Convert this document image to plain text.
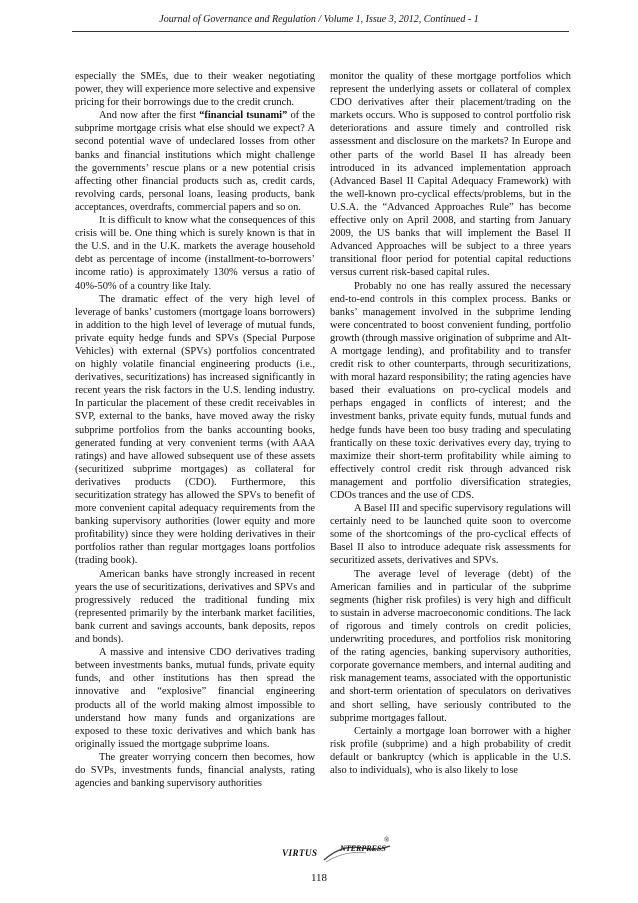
Journal of Governance and Regulation / Volume 1, Issue 3, 2012, Continued - 1

especially the SMEs, due to their weaker negotiating power, they will experience more selective and expensive pricing for their borrowings due to the credit crunch.

And now after the first “financial tsunami” of the subprime mortgage crisis what else should we expect? A second potential wave of undeclared losses from other banks and financial institutions which might challenge the governments’ rescue plans or a new potential crisis affecting other financial products such as, credit cards, revolving cards, personal loans, leasing products, bank acceptances, overdrafts, commercial papers and so on.

It is difficult to know what the consequences of this crisis will be. One thing which is surely known is that in the U.S. and in the U.K. markets the average household debt as percentage of income (installment-to-borrowers’ income ratio) is approximately 130% versus a ratio of 40%-50% of a country like Italy.

The dramatic effect of the very high level of leverage of banks’ customers (mortgage loans borrowers) in addition to the high level of leverage of mutual funds, private equity hedge funds and SPVs (Special Purpose Vehicles) with external (SPVs) portfolios concentrated on highly volatile financial engineering products (i.e., derivatives, securitizations) has increased significantly in recent years the risk factors in the U.S. lending industry. In particular the placement of these credit receivables in SVP, external to the banks, have moved away the risky subprime portfolios from the banks accounting books, generated funding at very convenient terms (with AAA ratings) and have allowed subsequent use of these assets (securitized subprime mortgages) as collateral for derivatives products (CDO). Furthermore, this securitization strategy has allowed the SPVs to benefit of more convenient capital adequacy requirements from the banking supervisory authorities (lower equity and more profitability) since they were holding derivatives in their portfolios rather than regular mortgages loans portfolios (trading book).

American banks have strongly increased in recent years the use of securitizations, derivatives and SPVs and progressively reduced the traditional funding mix (represented primarily by the interbank market facilities, bank current and savings accounts, bank deposits, repos and bonds).

A massive and intensive CDO derivatives trading between investments banks, mutual funds, private equity funds, and other institutions has then spread the innovative and “explosive” financial engineering products all of the world making almost impossible to understand how many funds and organizations are exposed to these toxic derivatives and which bank has originally issued the mortgage subprime loans.

The greater worrying concern then becomes, how do SVPs, investments funds, financial analysts, rating agencies and banking supervisory authorities

monitor the quality of these mortgage portfolios which represent the underlying assets or collateral of complex CDO derivatives after their placement/trading on the markets occurs. Who is supposed to control portfolio risk deteriorations and assure timely and controlled risk assessment and disclosure on the markets? In Europe and other parts of the world Basel II has already been introduced in its advanced implementation approach (Advanced Basel II Capital Adequacy Framework) with the well-known pro-cyclical effects/problems, but in the U.S.A. the “Advanced Approaches Rule” has become effective only on April 2008, and starting from January 2009, the US banks that will implement the Basel II Advanced Approaches will be subject to a three years transitional floor period for potential capital reductions versus current risk-based capital rules.

Probably no one has really assured the necessary end-to-end controls in this complex process. Banks or banks’ management involved in the subprime lending were concentrated to boost convenient funding, portfolio growth (through massive origination of subprime and Alt-A mortgage lending), and profitability and to transfer credit risk to other counterparts, through securitizations, with moral hazard responsibility; the rating agencies have based their evaluations on pro-cyclical models and perhaps engaged in conflicts of interest; and the investment banks, private equity funds, mutual funds and hedge funds have been too busy trading and speculating frantically on these toxic derivatives every day, trying to maximize their short-term profitability while aiming to effectively control credit risk through advanced risk management and portfolio diversification strategies, CDOs trances and the use of CDS.

A Basel III and specific supervisory regulations will certainly need to be launched quite soon to overcome some of the shortcomings of the pro-cyclical effects of Basel II also to introduce adequate risk assessments for securitized assets, derivatives and SPVs.

The average level of leverage (debt) of the American families and in particular of the subprime segments (higher risk profiles) is very high and difficult to sustain in adverse macroeconomic conditions. The lack of rigorous and timely controls on credit policies, underwriting procedures, and portfolios risk monitoring of the rating agencies, banking supervisory authorities, corporate governance members, and internal auditing and risk management teams, associated with the opportunistic and short-term orientation of speculators on derivatives and short selling, have seriously contributed to the subprime mortgages fallout.

Certainly a mortgage loan borrower with a higher risk profile (subprime) and a high probability of credit default or bankruptcy (which is applicable in the U.S. also to individuals), who is also likely to lose

VIRTUS	NTERPRESS
®
118
